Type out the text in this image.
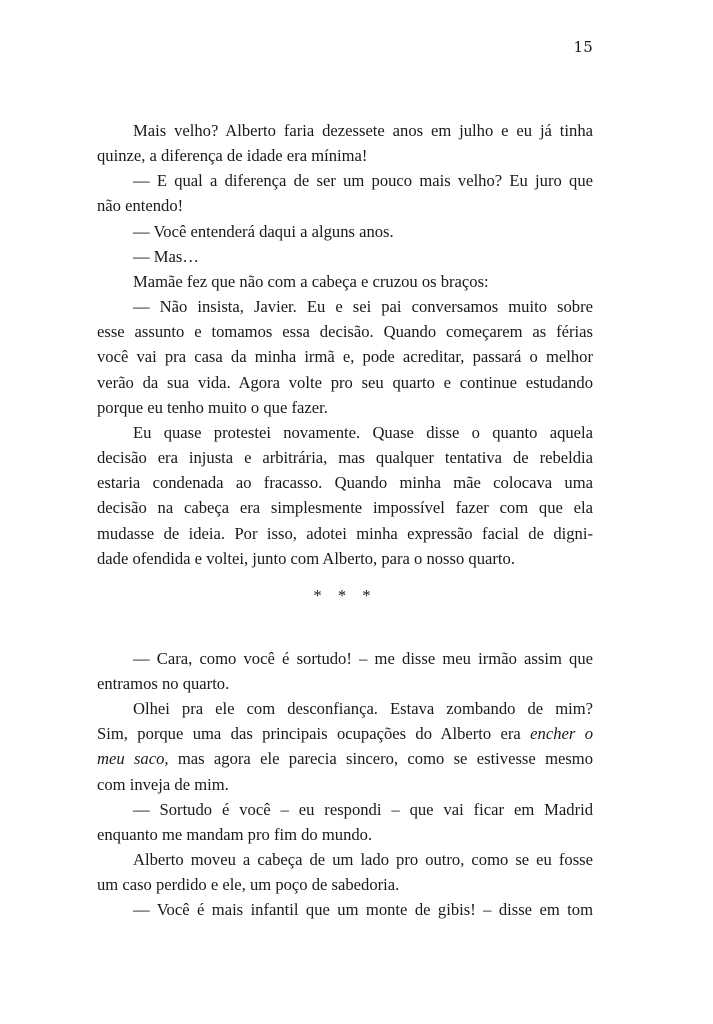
15
Mais velho? Alberto faria dezessete anos em julho e eu já tinha
quinze, a diferença de idade era mínima!
— E qual a diferença de ser um pouco mais velho? Eu juro que
não entendo!
— Você entenderá daqui a alguns anos.
— Mas…
Mamãe fez que não com a cabeça e cruzou os braços:
— Não insista, Javier. Eu e sei pai conversamos muito sobre
esse assunto e tomamos essa decisão. Quando começarem as férias
você vai pra casa da minha irmã e, pode acreditar, passará o melhor
verão da sua vida. Agora volte pro seu quarto e continue estudando
porque eu tenho muito o que fazer.
Eu quase protestei novamente. Quase disse o quanto aquela
decisão era injusta e arbitrária, mas qualquer tentativa de rebeldia
estaria condenada ao fracasso. Quando minha mãe colocava uma
decisão na cabeça era simplesmente impossível fazer com que ela
mudasse de ideia. Por isso, adotei minha expressão facial de digni-
dade ofendida e voltei, junto com Alberto, para o nosso quarto.
* * *
— Cara, como você é sortudo! – me disse meu irmão assim que
entramos no quarto.
Olhei pra ele com desconfiança. Estava zombando de mim?
Sim, porque uma das principais ocupações do Alberto era encher o
meu saco, mas agora ele parecia sincero, como se estivesse mesmo
com inveja de mim.
— Sortudo é você – eu respondi – que vai ficar em Madrid
enquanto me mandam pro fim do mundo.
Alberto moveu a cabeça de um lado pro outro, como se eu fosse
um caso perdido e ele, um poço de sabedoria.
— Você é mais infantil que um monte de gibis! – disse em tom
